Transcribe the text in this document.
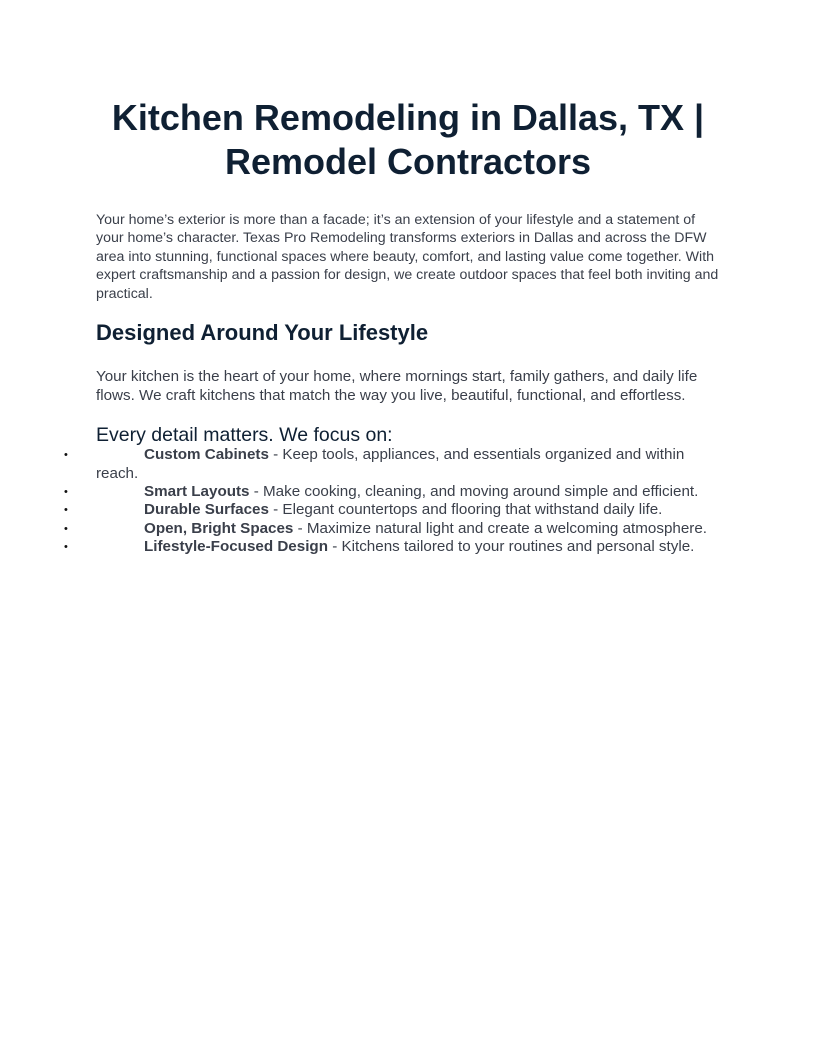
Kitchen Remodeling in Dallas, TX | Remodel Contractors

Your home’s exterior is more than a facade; it’s an extension of your lifestyle and a statement of your home’s character. Texas Pro Remodeling transforms exteriors in Dallas and across the DFW area into stunning, functional spaces where beauty, comfort, and lasting value come together. With expert craftsmanship and a passion for design, we create outdoor spaces that feel both inviting and practical.

Designed Around Your Lifestyle

Your kitchen is the heart of your home, where mornings start, family gathers, and daily life flows. We craft kitchens that match the way you live, beautiful, functional, and effortless.

Every detail matters. We focus on:

•	Custom Cabinets - Keep tools, appliances, and essentials organized and within reach.
•	Smart Layouts - Make cooking, cleaning, and moving around simple and efficient.
•	Durable Surfaces - Elegant countertops and flooring that withstand daily life.
•	Open, Bright Spaces - Maximize natural light and create a welcoming atmosphere.
•	Lifestyle-Focused Design - Kitchens tailored to your routines and personal style.
